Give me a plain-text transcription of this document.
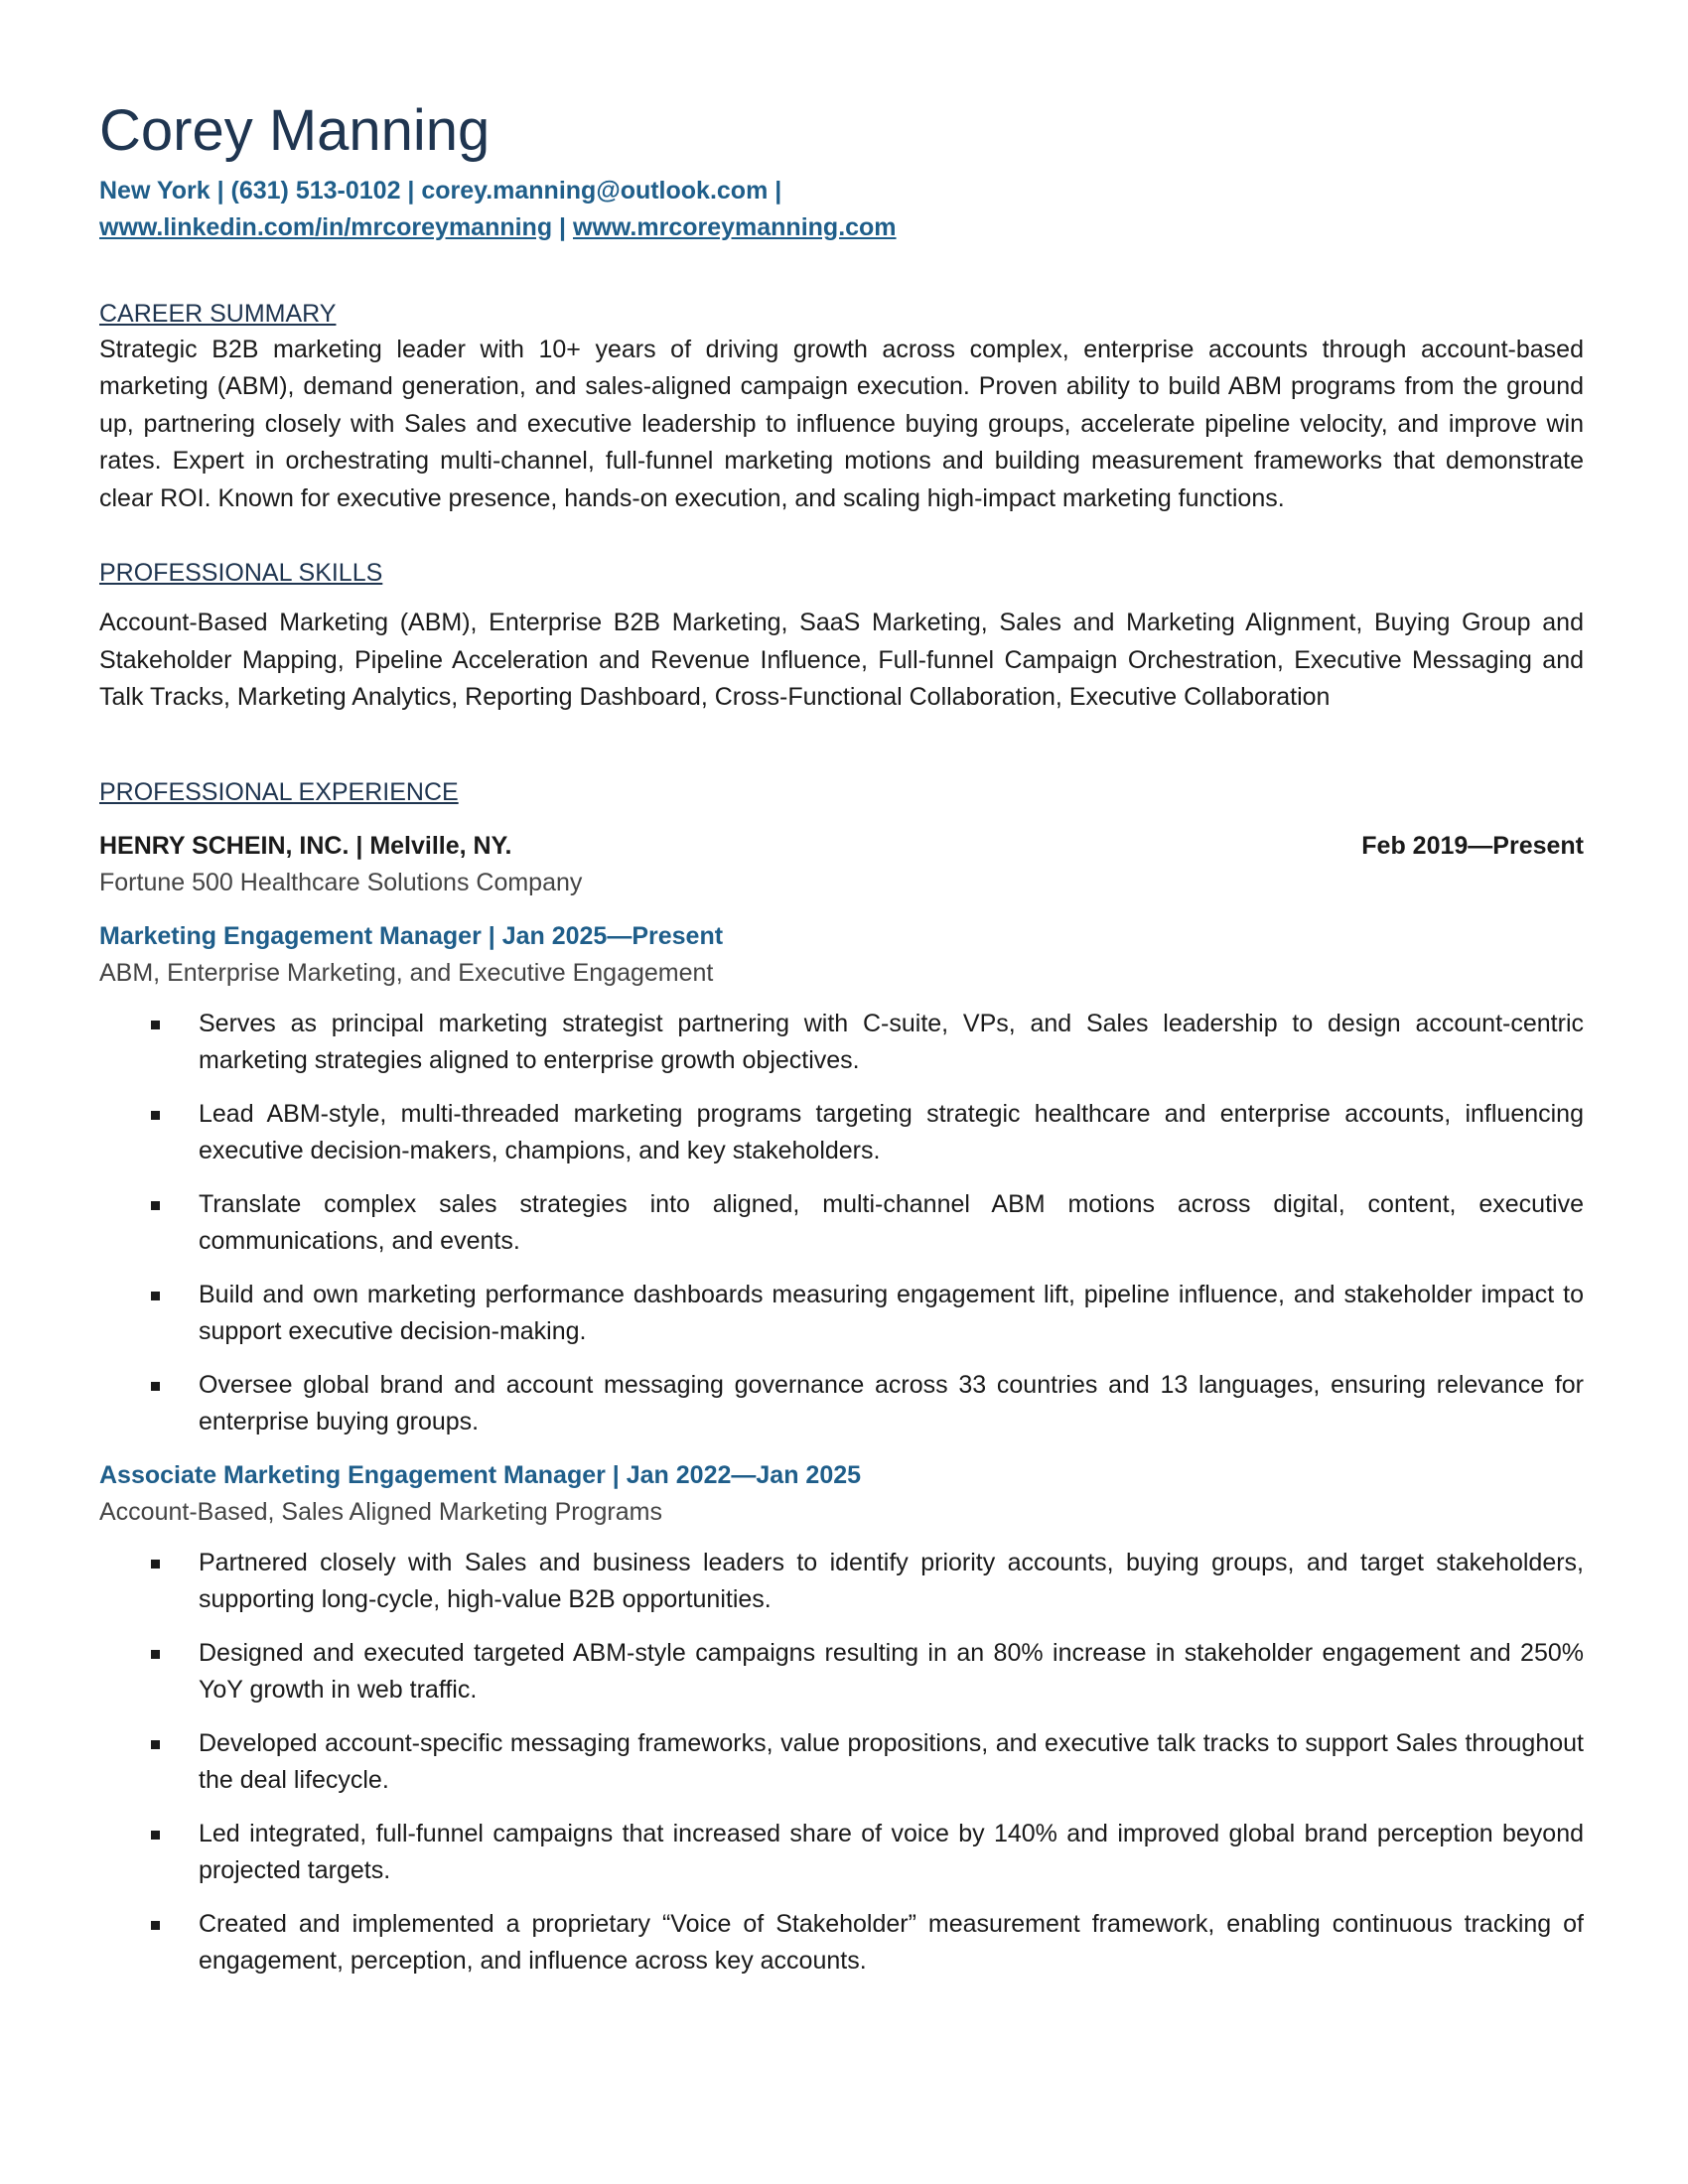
Corey Manning
New York | (631) 513-0102 | corey.manning@outlook.com |
www.linkedin.com/in/mrcoreymanning | www.mrcoreymanning.com
CAREER SUMMARY

Strategic B2B marketing leader with 10+ years of driving growth across complex, enterprise accounts through account-based marketing (ABM), demand generation, and sales-aligned campaign execution. Proven ability to build ABM programs from the ground up, partnering closely with Sales and executive leadership to influence buying groups, accelerate pipeline velocity, and improve win rates. Expert in orchestrating multi-channel, full-funnel marketing motions and building measurement frameworks that demonstrate clear ROI. Known for executive presence, hands-on execution, and scaling high-impact marketing functions.

PROFESSIONAL SKILLS

Account-Based Marketing (ABM), Enterprise B2B Marketing, SaaS Marketing, Sales and Marketing Alignment, Buying Group and Stakeholder Mapping, Pipeline Acceleration and Revenue Influence, Full-funnel Campaign Orchestration, Executive Messaging and Talk Tracks, Marketing Analytics, Reporting Dashboard, Cross-Functional Collaboration, Executive Collaboration

PROFESSIONAL EXPERIENCE
HENRY SCHEIN, INC. | Melville, NY.	Feb 2019—Present
Fortune 500 Healthcare Solutions Company
Marketing Engagement Manager | Jan 2025—Present
ABM, Enterprise Marketing, and Executive Engagement
Serves as principal marketing strategist partnering with C-suite, VPs, and Sales leadership to design account-centric marketing strategies aligned to enterprise growth objectives.
Lead ABM-style, multi-threaded marketing programs targeting strategic healthcare and enterprise accounts, influencing executive decision-makers, champions, and key stakeholders.
Translate complex sales strategies into aligned, multi-channel ABM motions across digital, content, executive communications, and events.
Build and own marketing performance dashboards measuring engagement lift, pipeline influence, and stakeholder impact to support executive decision-making.
Oversee global brand and account messaging governance across 33 countries and 13 languages, ensuring relevance for enterprise buying groups.
Associate Marketing Engagement Manager | Jan 2022—Jan 2025
Account-Based, Sales Aligned Marketing Programs
Partnered closely with Sales and business leaders to identify priority accounts, buying groups, and target stakeholders, supporting long-cycle, high-value B2B opportunities.
Designed and executed targeted ABM-style campaigns resulting in an 80% increase in stakeholder engagement and 250% YoY growth in web traffic.
Developed account-specific messaging frameworks, value propositions, and executive talk tracks to support Sales throughout the deal lifecycle.
Led integrated, full-funnel campaigns that increased share of voice by 140% and improved global brand perception beyond projected targets.
Created and implemented a proprietary “Voice of Stakeholder” measurement framework, enabling continuous tracking of engagement, perception, and influence across key accounts.
